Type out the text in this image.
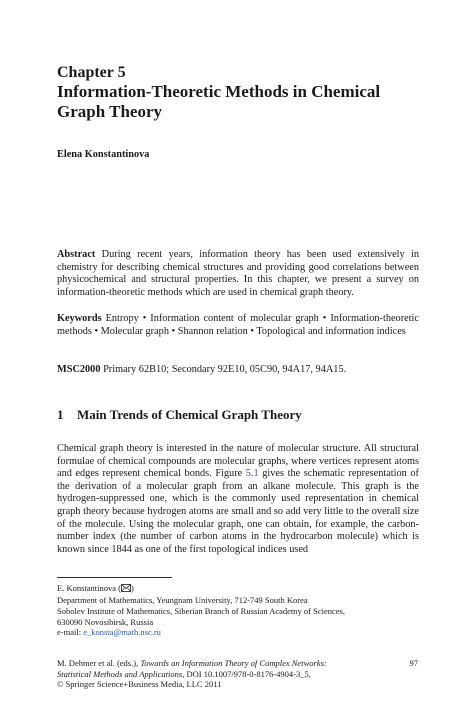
Chapter 5
Information-Theoretic Methods in Chemical
Graph Theory
Elena Konstantinova
Abstract During recent years, information theory has been used extensively in chemistry for describing chemical structures and providing good correlations between physicochemical and structural properties. In this chapter, we present a survey on information-theoretic methods which are used in chemical graph theory.
Keywords Entropy • Information content of molecular graph • Information-theoretic methods • Molecular graph • Shannon relation • Topological and information indices
MSC2000 Primary 62B10; Secondary 92E10, 05C90, 94A17, 94A15.
1 Main Trends of Chemical Graph Theory
Chemical graph theory is interested in the nature of molecular structure. All structural formulae of chemical compounds are molecular graphs, where vertices represent atoms and edges represent chemical bonds. Figure 5.1 gives the schematic representation of the derivation of a molecular graph from an alkane molecule. This graph is the hydrogen-suppressed one, which is the commonly used representation in chemical graph theory because hydrogen atoms are small and so add very little to the overall size of the molecule. Using the molecular graph, one can obtain, for example, the carbon-number index (the number of carbon atoms in the hydrocarbon molecule) which is known since 1844 as one of the first topological indices used
E. Konstantinova ( )
Department of Mathematics, Yeungnam University, 712-749 South Korea
Sobolev Institute of Mathematics, Siberian Branch of Russian Academy of Sciences,
630090 Novosibirsk, Russia
e-mail: e_konsta@math.nsc.ru
M. Dehmer et al. (eds.), Towards an Information Theory of Complex Networks:
Statistical Methods and Applications, DOI 10.1007/978-0-8176-4904-3_5,
© Springer Science+Business Media, LLC 2011
97
